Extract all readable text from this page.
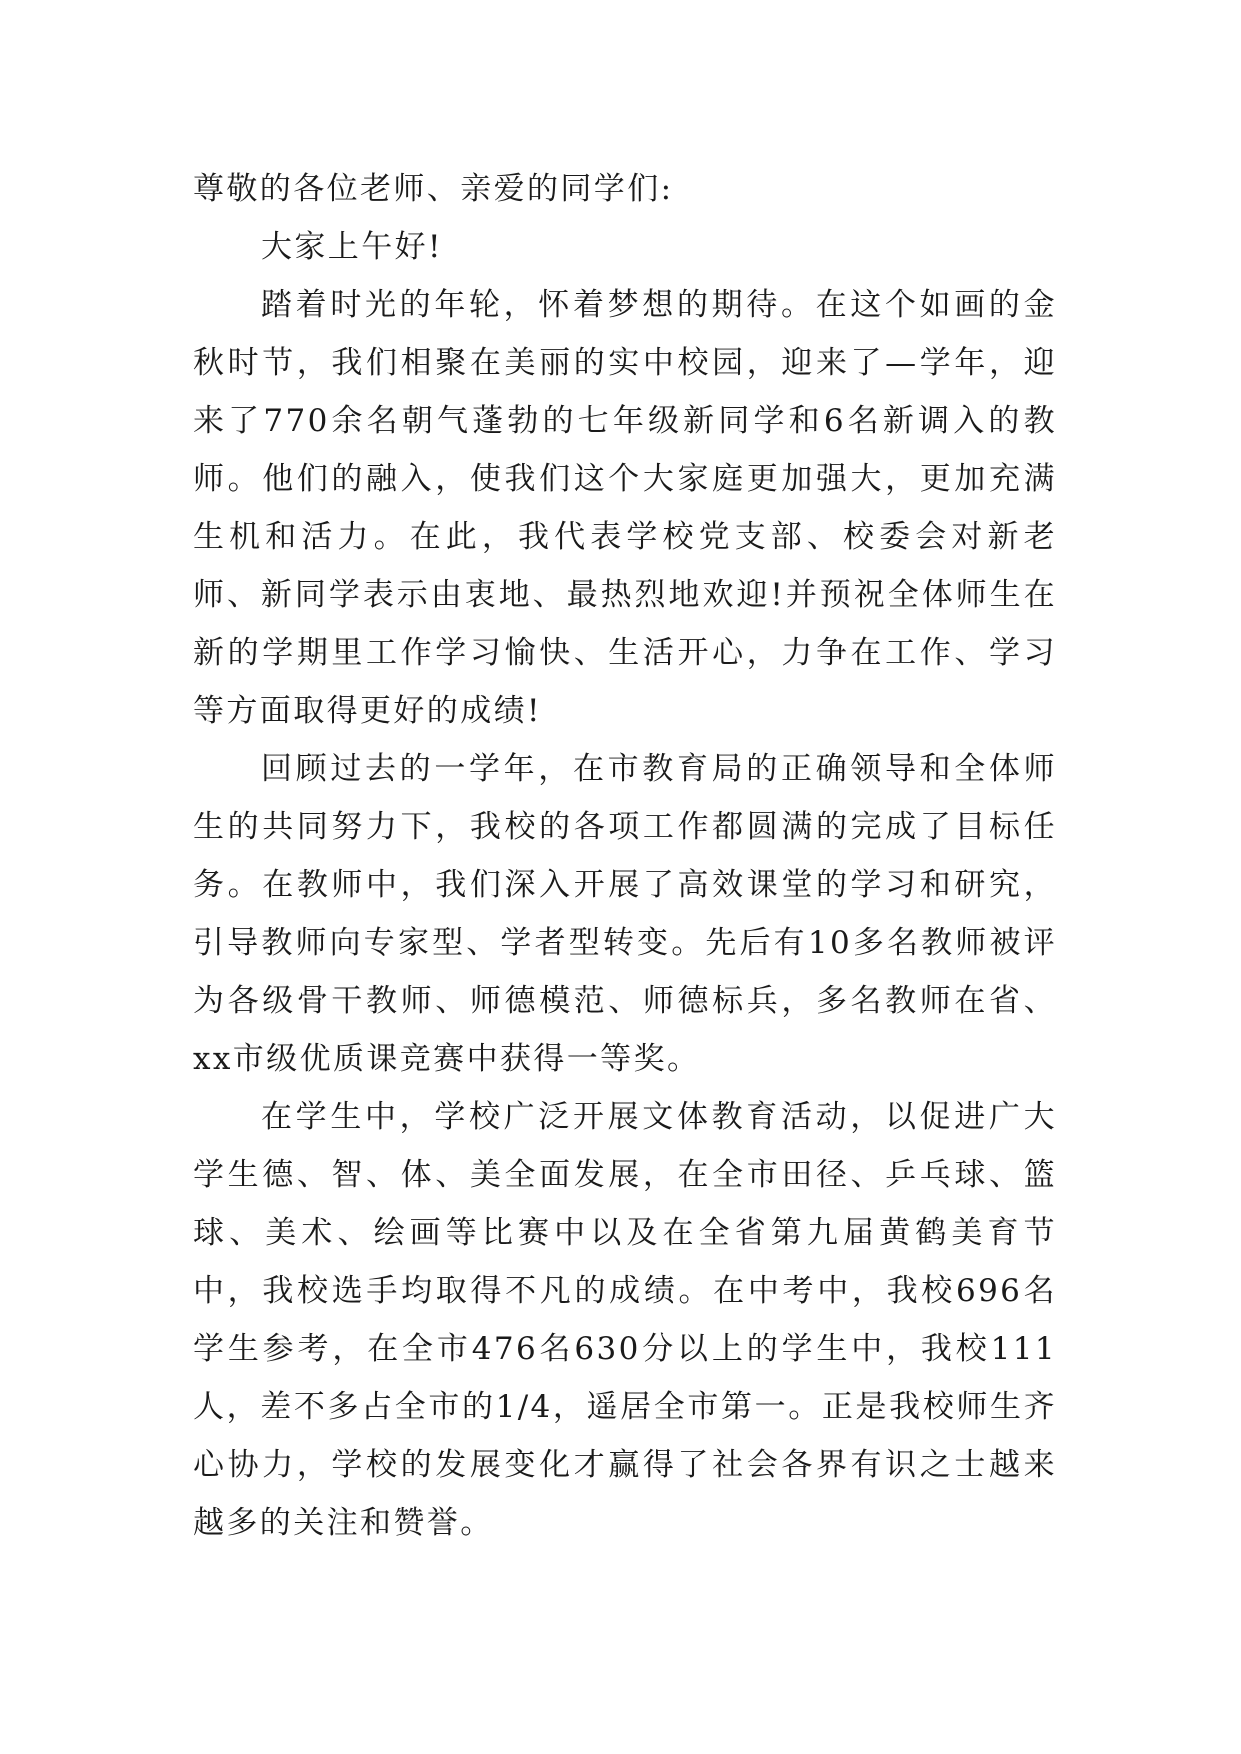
尊敬的各位老师、亲爱的同学们:

大家上午好!

踏着时光的年轮，怀着梦想的期待。在这个如画的金秋时节，我们相聚在美丽的实中校园，迎来了—学年，迎来了770余名朝气蓬勃的七年级新同学和6名新调入的教师。他们的融入，使我们这个大家庭更加强大，更加充满生机和活力。在此，我代表学校党支部、校委会对新老师、新同学表示由衷地、最热烈地欢迎!并预祝全体师生在新的学期里工作学习愉快、生活开心，力争在工作、学习等方面取得更好的成绩!

回顾过去的一学年，在市教育局的正确领导和全体师生的共同努力下，我校的各项工作都圆满的完成了目标任务。在教师中，我们深入开展了高效课堂的学习和研究，引导教师向专家型、学者型转变。先后有10多名教师被评为各级骨干教师、师德模范、师德标兵，多名教师在省、xx市级优质课竞赛中获得一等奖。

在学生中，学校广泛开展文体教育活动，以促进广大学生德、智、体、美全面发展，在全市田径、乒乓球、篮球、美术、绘画等比赛中以及在全省第九届黄鹤美育节中，我校选手均取得不凡的成绩。在中考中，我校696名学生参考，在全市476名630分以上的学生中，我校111人，差不多占全市的1/4，遥居全市第一。正是我校师生齐心协力，学校的发展变化才赢得了社会各界有识之士越来越多的关注和赞誉。
